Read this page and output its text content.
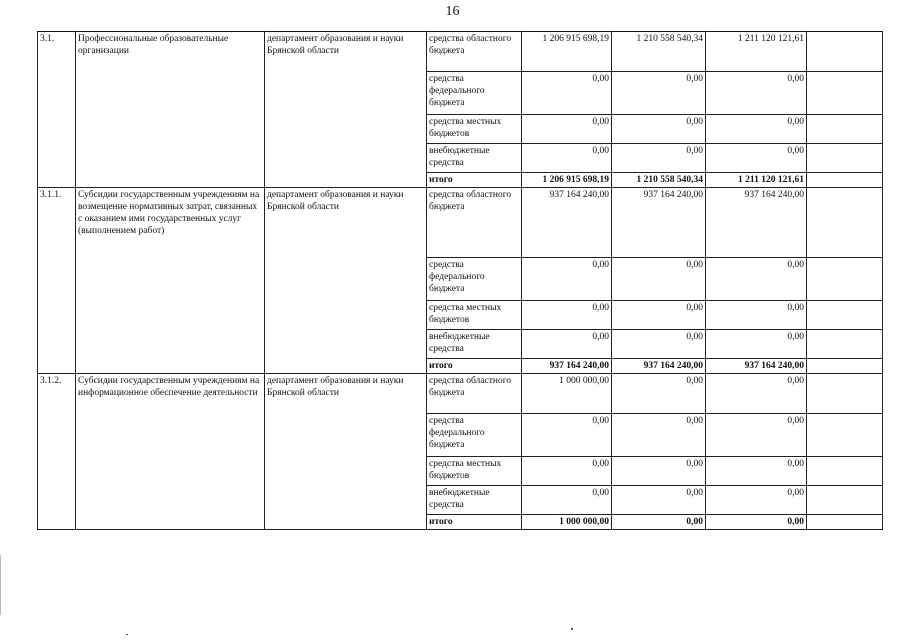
16
3.1.	Профессиональные образовательные организации	департамент образования и науки Брянской области	средства областного бюджета	1 206 915 698,19	1 210 558 540,34	1 211 120 121,61	
			средства федерального бюджета	0,00	0,00	0,00	
			средства местных бюджетов	0,00	0,00	0,00	
			внебюджетные средства	0,00	0,00	0,00	
			итого	1 206 915 698,19	1 210 558 540,34	1 211 120 121,61	
3.1.1.	Субсидии государственным учреждениям на возмещение нормативных затрат, связанных с оказанием ими государственных услуг (выполнением работ)	департамент образования и науки Брянской области	средства областного бюджета	937 164 240,00	937 164 240,00	937 164 240,00	
			средства федерального бюджета	0,00	0,00	0,00	
			средства местных бюджетов	0,00	0,00	0,00	
			внебюджетные средства	0,00	0,00	0,00	
			итого	937 164 240,00	937 164 240,00	937 164 240,00	
3.1.2.	Субсидии государственным учреждениям на информационное обеспечение деятельности	департамент образования и науки Брянской области	средства областного бюджета	1 000 000,00	0,00	0,00	
			средства федерального бюджета	0,00	0,00	0,00	
			средства местных бюджетов	0,00	0,00	0,00	
			внебюджетные средства	0,00	0,00	0,00	
			итого	1 000 000,00	0,00	0,00	
